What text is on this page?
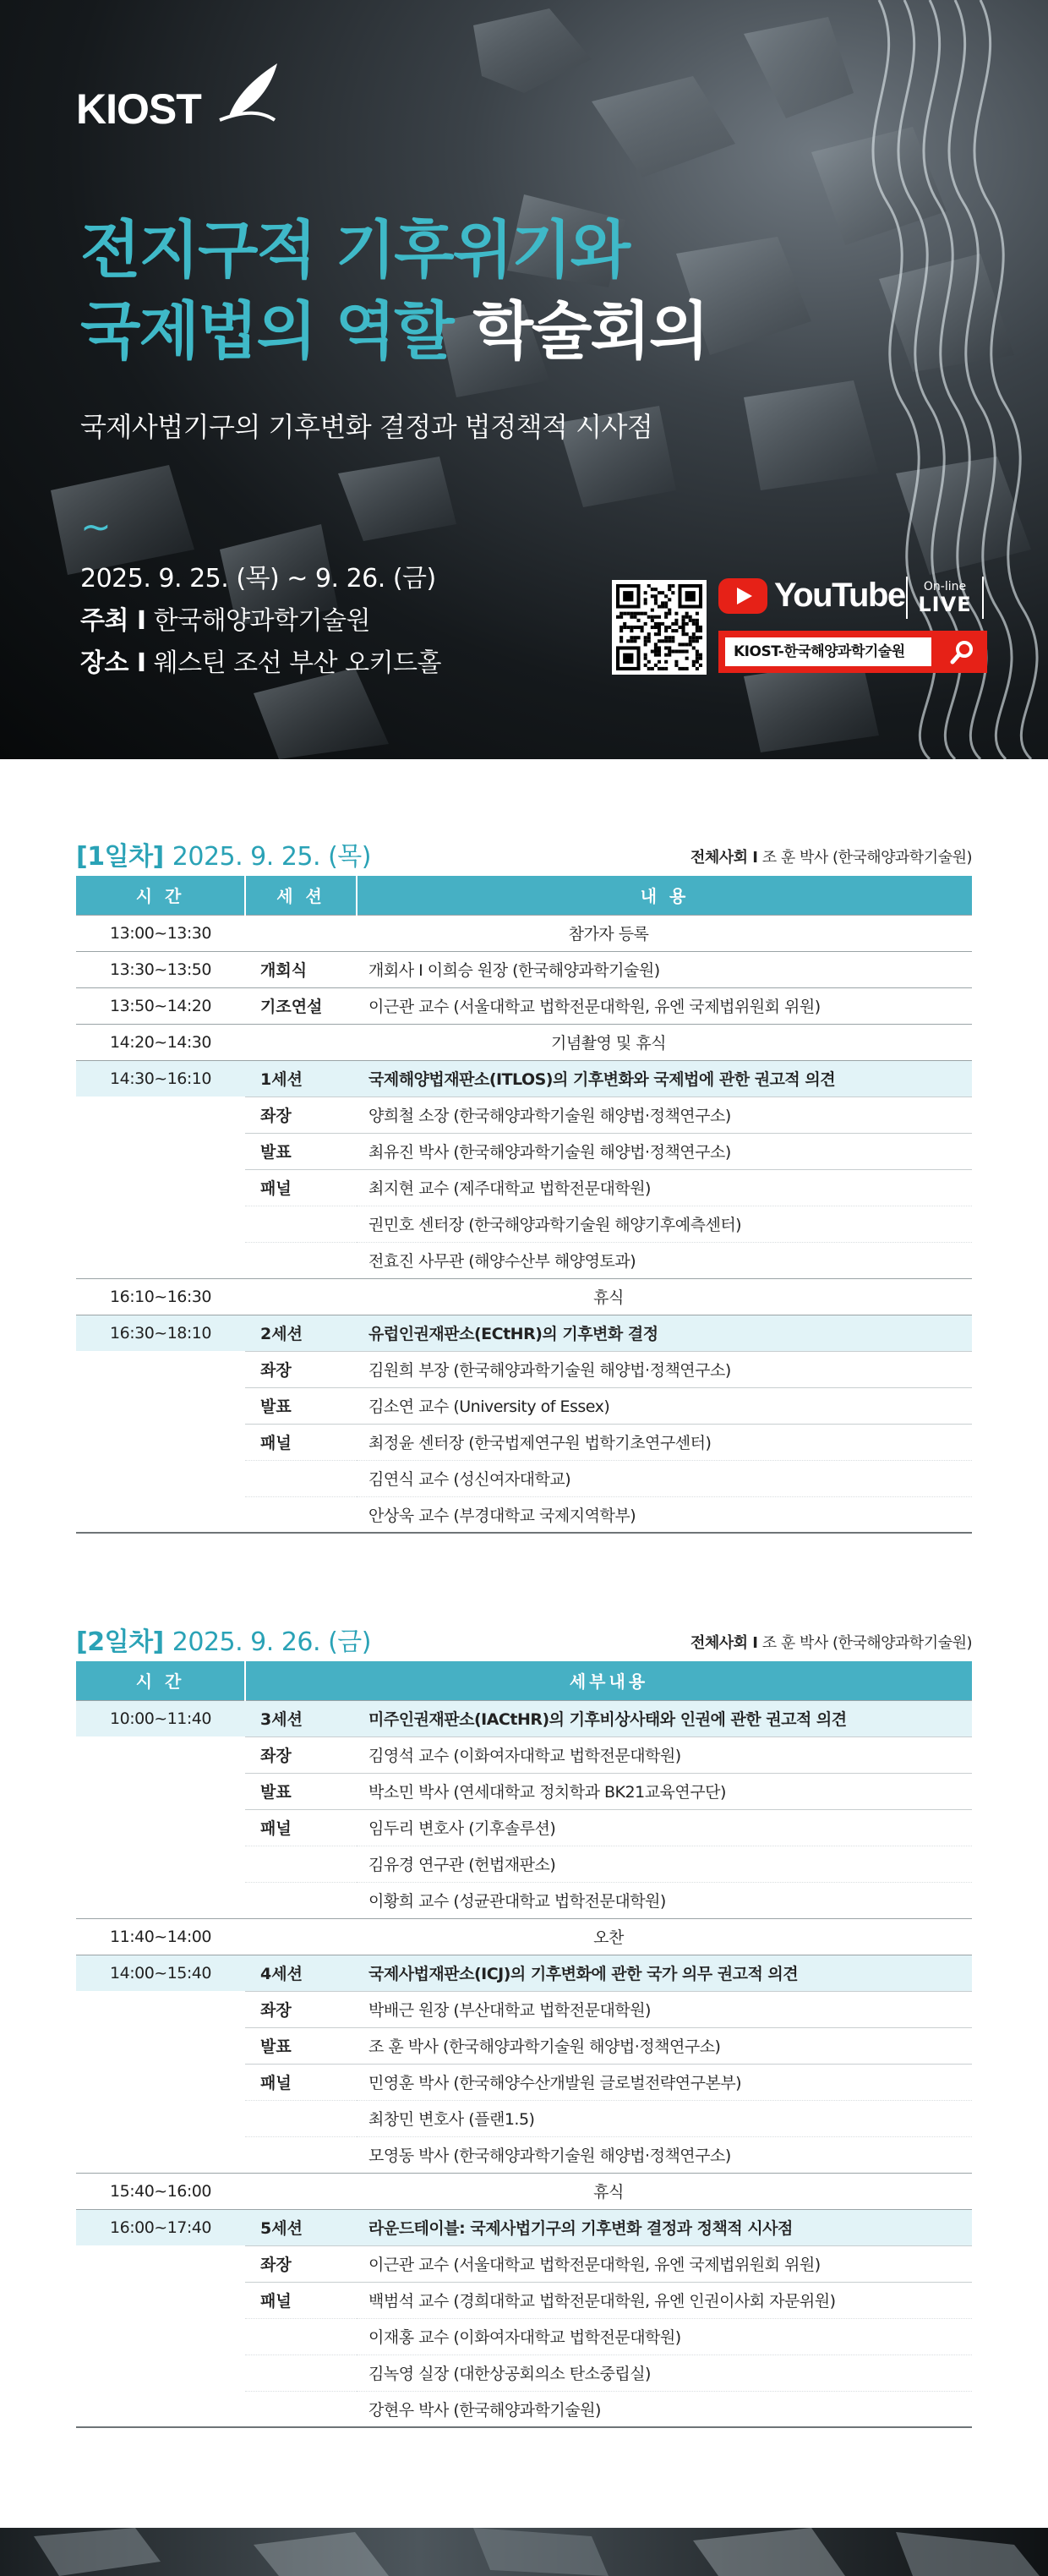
KIOST
전지구적 기후위기와
국제법의 역할 학술회의
국제사법기구의 기후변화 결정과 법정책적 시사점
~
2025. 9. 25. (목) ~ 9. 26. (금)
주최 I 한국해양과학기술원
장소 I 웨스틴 조선 부산 오키드홀
YouTube	On-line
LIVE
KIOST-한국해양과학기술원
[1일차] 2025. 9. 25. (목)	전체사회 I 조 훈 박사 (한국해양과학기술원)
시 간	세 션	내 용
13:00~13:30	참가자 등록	
13:30~13:50	개회식	개회사 I 이희승 원장 (한국해양과학기술원)
13:50~14:20	기조연설	이근관 교수 (서울대학교 법학전문대학원, 유엔 국제법위원회 위원)
14:20~14:30	기념촬영 및 휴식	
14:30~16:10	1세션	국제해양법재판소(ITLOS)의 기후변화와 국제법에 관한 권고적 의견
	좌장	양희철 소장 (한국해양과학기술원 해양법·정책연구소)
	발표	최유진 박사 (한국해양과학기술원 해양법·정책연구소)
	패널	최지현 교수 (제주대학교 법학전문대학원)
		권민호 센터장 (한국해양과학기술원 해양기후예측센터)
		전효진 사무관 (해양수산부 해양영토과)
16:10~16:30	휴식	
16:30~18:10	2세션	유럽인권재판소(ECtHR)의 기후변화 결정
	좌장	김원희 부장 (한국해양과학기술원 해양법·정책연구소)
	발표	김소연 교수 (University of Essex)
	패널	최정윤 센터장 (한국법제연구원 법학기초연구센터)
		김연식 교수 (성신여자대학교)
		안상욱 교수 (부경대학교 국제지역학부)
[2일차] 2025. 9. 26. (금)	전체사회 I 조 훈 박사 (한국해양과학기술원)
시 간	세부내용	
10:00~11:40	3세션	미주인권재판소(IACtHR)의 기후비상사태와 인권에 관한 권고적 의견
	좌장	김영석 교수 (이화여자대학교 법학전문대학원)
	발표	박소민 박사 (연세대학교 정치학과 BK21교육연구단)
	패널	임두리 변호사 (기후솔루션)
		김유경 연구관 (헌법재판소)
		이황희 교수 (성균관대학교 법학전문대학원)
11:40~14:00	오찬	
14:00~15:40	4세션	국제사법재판소(ICJ)의 기후변화에 관한 국가 의무 권고적 의견
	좌장	박배근 원장 (부산대학교 법학전문대학원)
	발표	조 훈 박사 (한국해양과학기술원 해양법·정책연구소)
	패널	민영훈 박사 (한국해양수산개발원 글로벌전략연구본부)
		최창민 변호사 (플랜1.5)
		모영동 박사 (한국해양과학기술원 해양법·정책연구소)
15:40~16:00	휴식	
16:00~17:40	5세션	라운드테이블: 국제사법기구의 기후변화 결정과 정책적 시사점
	좌장	이근관 교수 (서울대학교 법학전문대학원, 유엔 국제법위원회 위원)
	패널	백범석 교수 (경희대학교 법학전문대학원, 유엔 인권이사회 자문위원)
		이재홍 교수 (이화여자대학교 법학전문대학원)
		김녹영 실장 (대한상공회의소 탄소중립실)
		강현우 박사 (한국해양과학기술원)
